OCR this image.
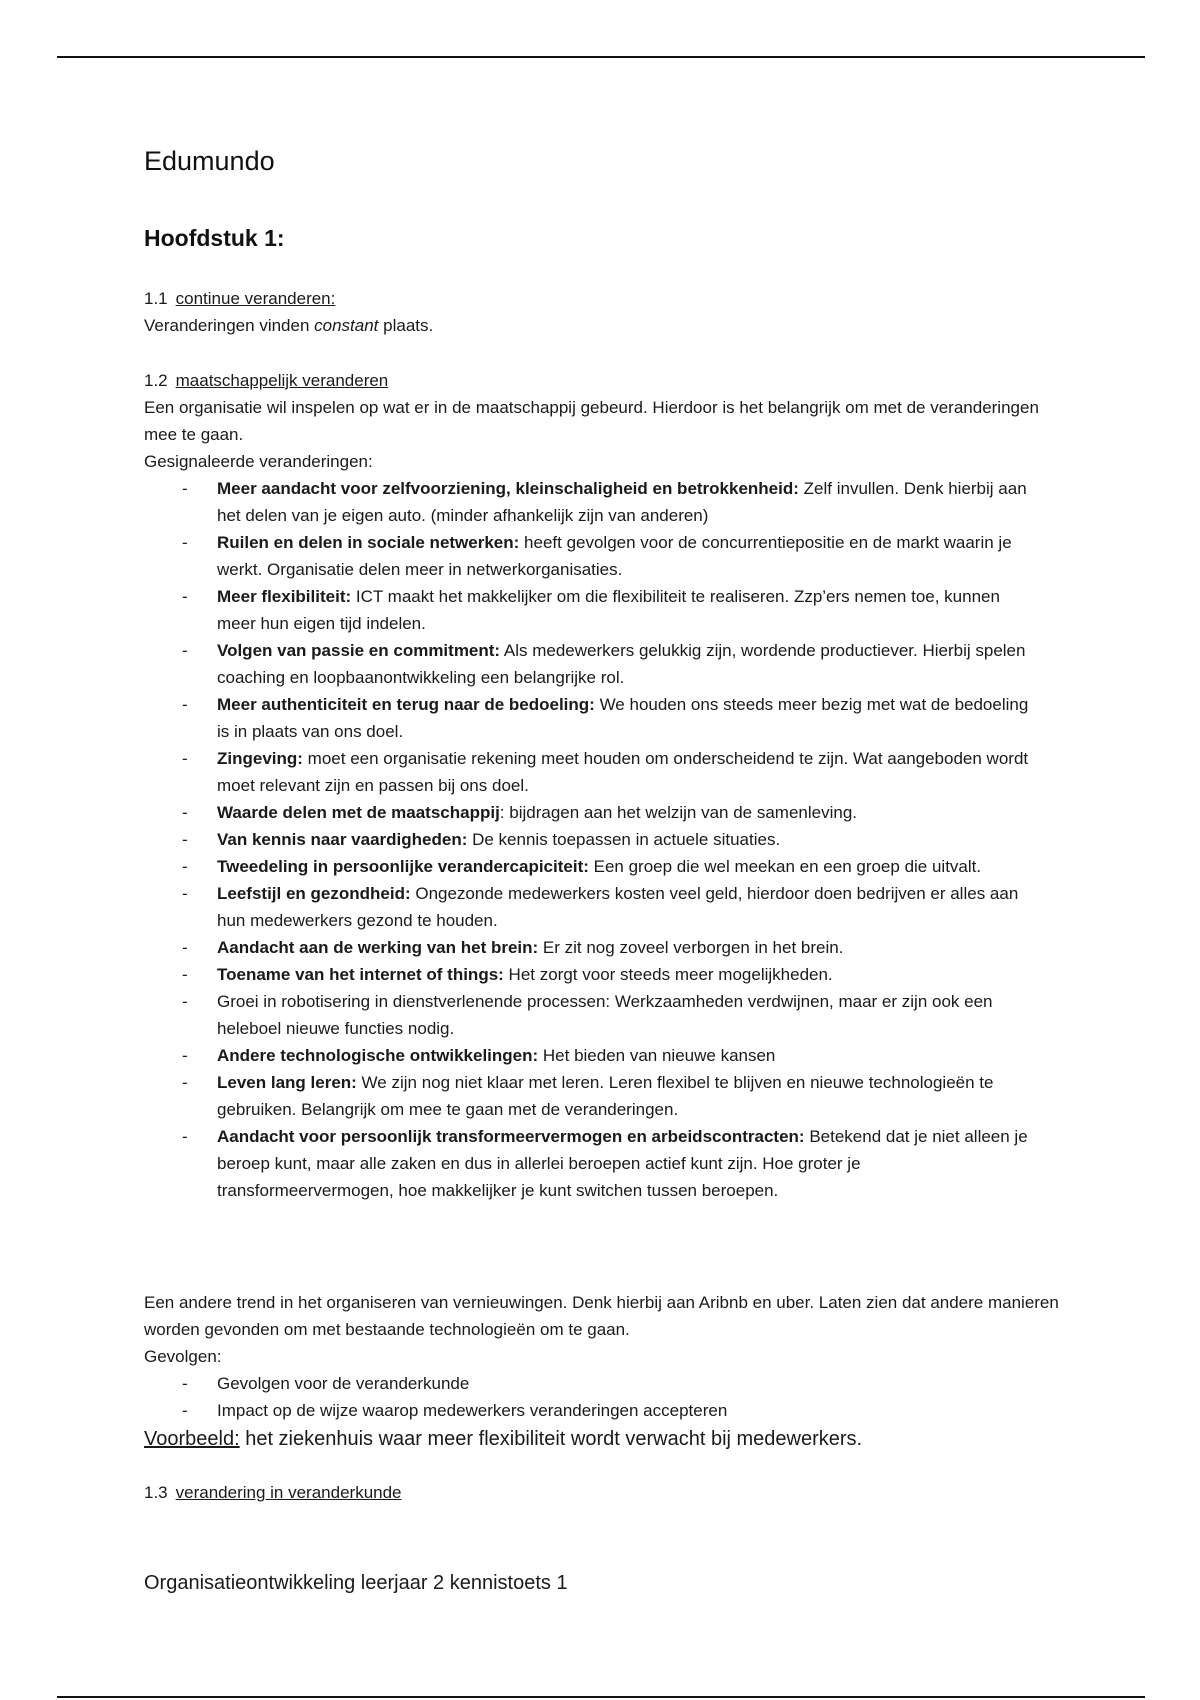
Edumundo
Hoofdstuk 1:
1.1 continue veranderen:

Veranderingen vinden constant plaats.

1.2 maatschappelijk veranderen

Een organisatie wil inspelen op wat er in de maatschappij gebeurd. Hierdoor is het belangrijk om met de veranderingen mee te gaan.

Gesignaleerde veranderingen:

- Meer aandacht voor zelfvoorziening, kleinschaligheid en betrokkenheid: Zelf invullen. Denk hierbij aan het delen van je eigen auto. (minder afhankelijk zijn van anderen)
- Ruilen en delen in sociale netwerken: heeft gevolgen voor de concurrentiepositie en de markt waarin je werkt. Organisatie delen meer in netwerkorganisaties.
- Meer flexibiliteit: ICT maakt het makkelijker om die flexibiliteit te realiseren. Zzp’ers nemen toe, kunnen meer hun eigen tijd indelen.
- Volgen van passie en commitment: Als medewerkers gelukkig zijn, wordende productiever. Hierbij spelen coaching en loopbaanontwikkeling een belangrijke rol.
- Meer authenticiteit en terug naar de bedoeling: We houden ons steeds meer bezig met wat de bedoeling is in plaats van ons doel.
- Zingeving: moet een organisatie rekening meet houden om onderscheidend te zijn. Wat aangeboden wordt moet relevant zijn en passen bij ons doel.
- Waarde delen met de maatschappij: bijdragen aan het welzijn van de samenleving.
- Van kennis naar vaardigheden: De kennis toepassen in actuele situaties.
- Tweedeling in persoonlijke verandercapiciteit: Een groep die wel meekan en een groep die uitvalt.
- Leefstijl en gezondheid: Ongezonde medewerkers kosten veel geld, hierdoor doen bedrijven er alles aan hun medewerkers gezond te houden.
- Aandacht aan de werking van het brein: Er zit nog zoveel verborgen in het brein.
- Toename van het internet of things: Het zorgt voor steeds meer mogelijkheden.
- Groei in robotisering in dienstverlenende processen: Werkzaamheden verdwijnen, maar er zijn ook een heleboel nieuwe functies nodig.
- Andere technologische ontwikkelingen: Het bieden van nieuwe kansen
- Leven lang leren: We zijn nog niet klaar met leren. Leren flexibel te blijven en nieuwe technologieën te gebruiken. Belangrijk om mee te gaan met de veranderingen.
- Aandacht voor persoonlijk transformeervermogen en arbeidscontracten: Betekend dat je niet alleen je beroep kunt, maar alle zaken en dus in allerlei beroepen actief kunt zijn. Hoe groter je transformeervermogen, hoe makkelijker je kunt switchen tussen beroepen.

Een andere trend in het organiseren van vernieuwingen. Denk hierbij aan Aribnb en uber. Laten zien dat andere manieren worden gevonden om met bestaande technologieën om te gaan.

Gevolgen:

- Gevolgen voor de veranderkunde
- Impact op de wijze waarop medewerkers veranderingen accepteren
Voorbeeld: het ziekenhuis waar meer flexibiliteit wordt verwacht bij medewerkers.
1.3 verandering in veranderkunde
Organisatieontwikkeling leerjaar 2 kennistoets 1
